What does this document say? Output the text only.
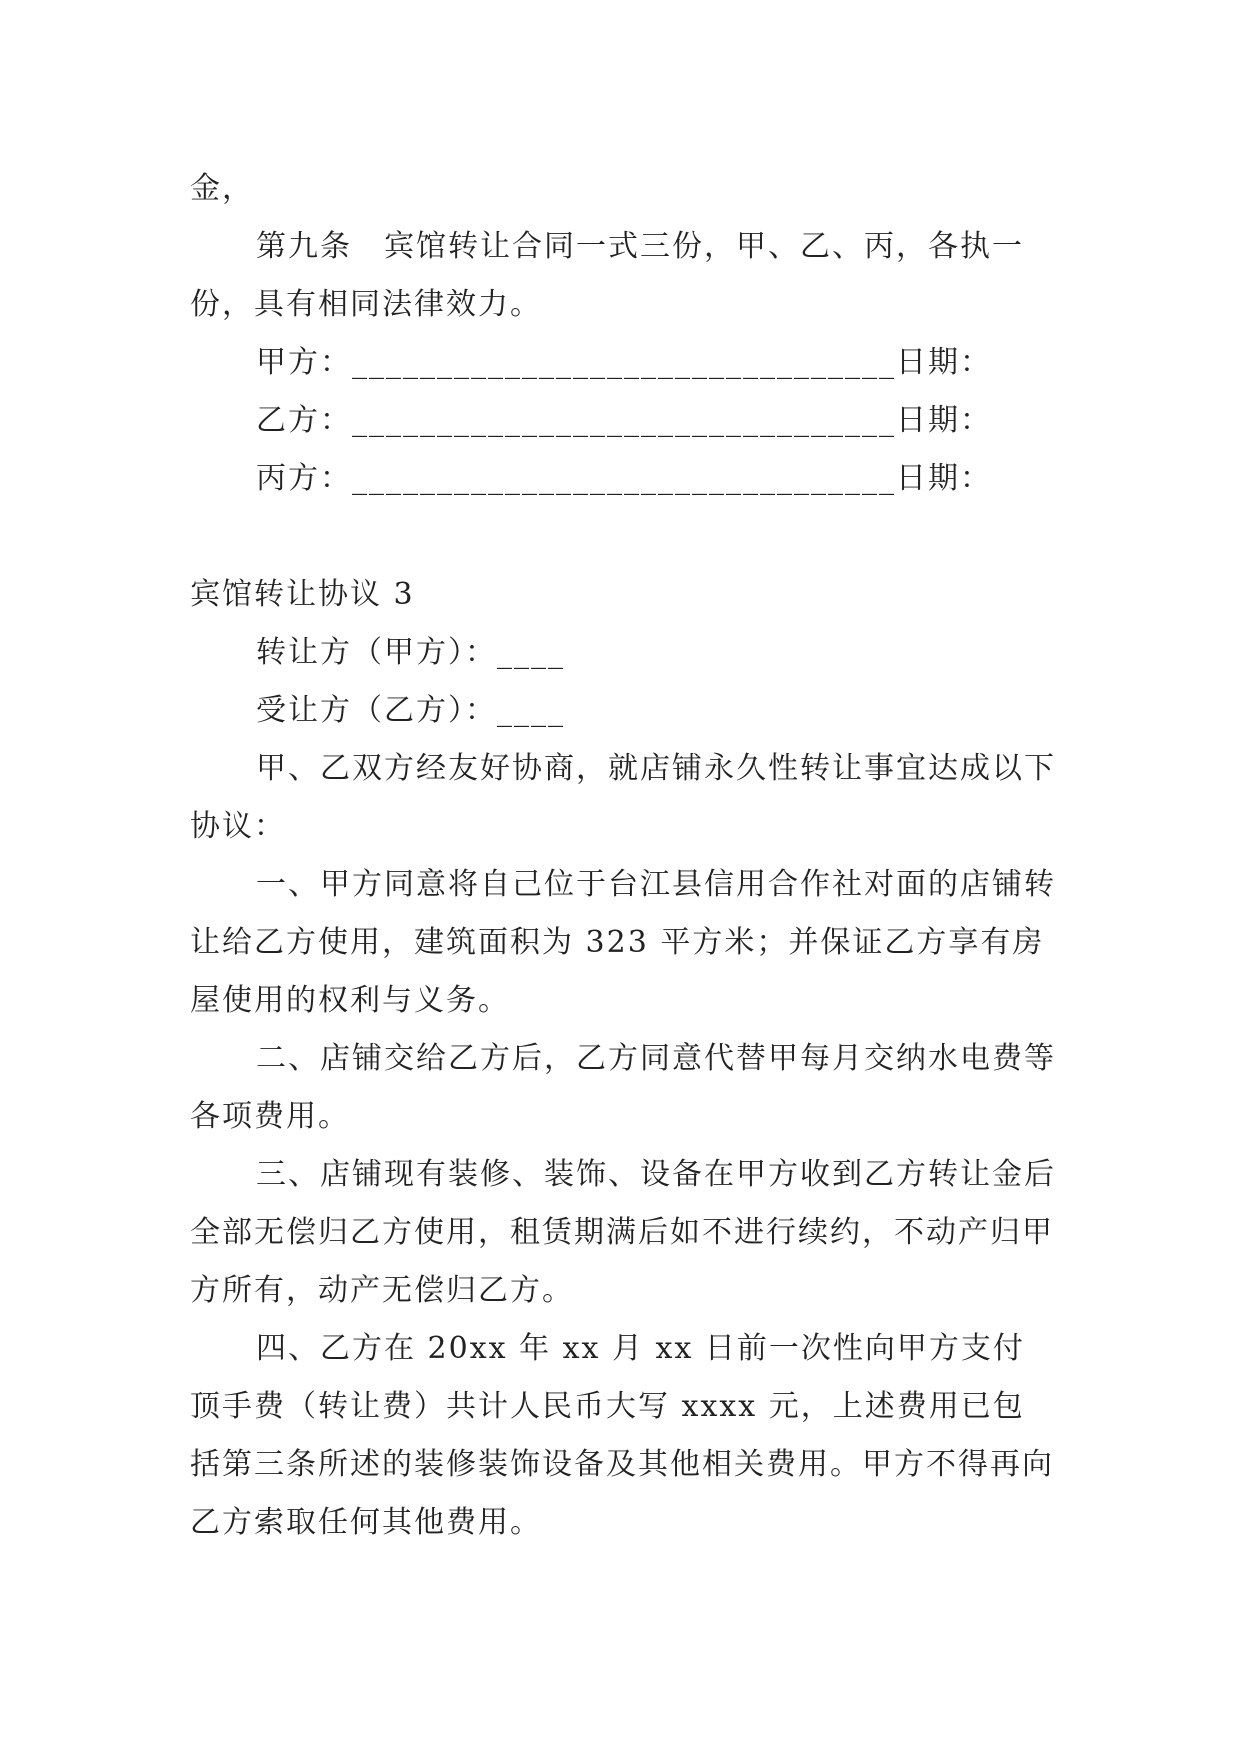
金，

第九条　宾馆转让合同一式三份，甲、乙、丙，各执一份，具有相同法律效力。

甲方：________________________________日期：

乙方：________________________________日期：

丙方：________________________________日期：

宾馆转让协议 3

转让方（甲方）：____

受让方（乙方）：____

甲、乙双方经友好协商，就店铺永久性转让事宜达成以下协议：

一、甲方同意将自己位于台江县信用合作社对面的店铺转让给乙方使用，建筑面积为 323 平方米；并保证乙方享有房屋使用的权利与义务。

二、店铺交给乙方后，乙方同意代替甲每月交纳水电费等各项费用。

三、店铺现有装修、装饰、设备在甲方收到乙方转让金后全部无偿归乙方使用，租赁期满后如不进行续约，不动产归甲方所有，动产无偿归乙方。

四、乙方在 20xx 年 xx 月 xx 日前一次性向甲方支付顶手费（转让费）共计人民币大写 xxxx 元，上述费用已包括第三条所述的装修装饰设备及其他相关费用。甲方不得再向乙方索取任何其他费用。
